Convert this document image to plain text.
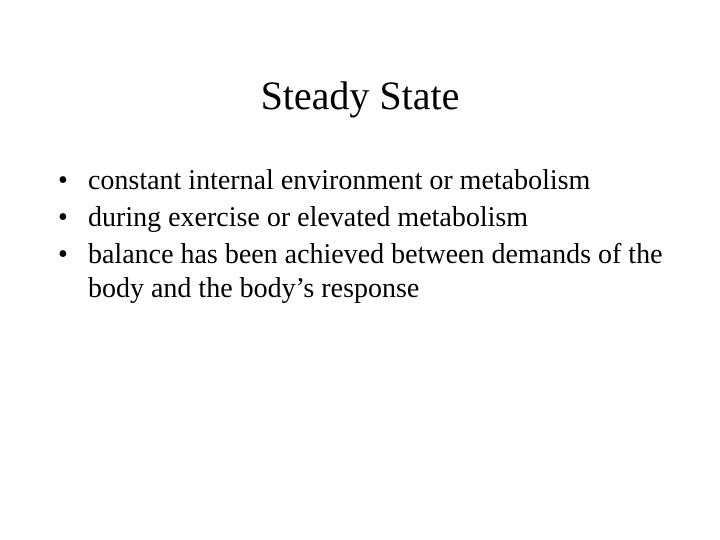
Steady State
• constant internal environment or metabolism
• during exercise or elevated metabolism
• balance has been achieved between demands of the body and the body’s response
